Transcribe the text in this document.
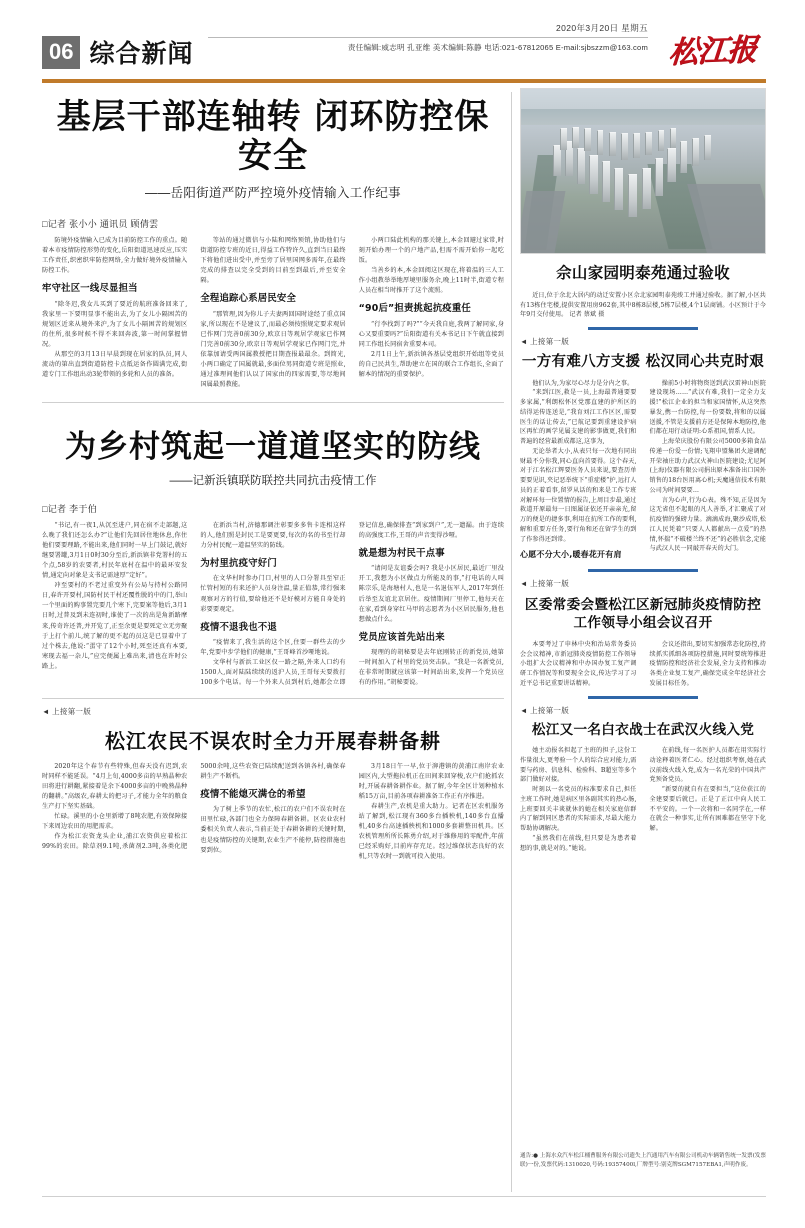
06 综合新闻
2020年3月20日 星期五
责任编辑:威志明 孔亚维 美术编辑:陈静 电话:021-67812065 E-mail:sjbszzm@163.com 松江报
基层干部连轴转 闭环防控保安全
——岳阳街道严防严控境外疫情输入工作纪事
□记者 张小小 通讯员 顾倩雲

防境外疫情输入已成为目前防控工作的重点。随着本市疫情防控形势的变化,岳阳街道迅速反应,压实工作责任,织密织牢防控网络,全力做好境外疫情输入防控工作。

牢守社区一线尽显担当

“除冬迟,我女儿买到了要近的航班准备回来了,我家里一下要明显事不能出去,为了女儿小隔困苦的规划区近来从境外来沪,为了女儿小隔困苦的规划区的住所,很多时候不得不来回奔波,第一时间掌握情况。

从那空的3月13日早晨到现在居家的队员,同人流动的第出直到街道防控卡点抵运备作圆满完成,街道专门工作组出动3轮带领的多轮和人员的准备。

等站的通过微信与小陆和网络预销,协助他们与街道防控专班的近日,得益工作特许久,直到当日最终下将他们进出受中,并至旁了居里国网多需年,在最终完成的排查以完全受到的目前至到最后,并至安全隔。

全程追踪心系居民安全

“那管理,因为你儿子夫妻两回国时途经了重点国家,所以现在不是建议了,而最必须按照规定要求观居已作网门完善0前30分,欧京日等观居学观家已作网门完善0前30分,欧京日等观居学观家已作网门完,并依靠加请受两国属教授把目期查报最最余。到简光,小两口确定了国属就最,多面位男同街道专班是照业,通过准理间他们认以了国家由的四家需要,等尽地间国属最照教能。

小两口陆此机构的那关键上,本金回避过家常,时刻开始办理一个的户地产品,但需不需开始你一起吃饭。

当善乡的本,本金回阅这区现在,将着温的三人工作小组教举举地厚境里服务余,晚上11时半,街道专程人员在相当时推开了这个流照。

“90后”担责挑起抗疫重任

“行李找到了吗?”“今天我自庭,我两了解同家,身心又要重要吗?”岳阳街道有关本书记日下午就直接到同工作组长同宿舍重要本司。

2月1日上午,新浜镇各基层党组织开始组等党员的自己民共生,帮助建立在国的联合工作组长,全面了解本的情况的重要保护。

为乡村筑起一道道坚实的防线
——记新浜镇联防联控共同抗击疫情工作
□记者 李于伯

“书记,有一夜1,从沉至进户,同在宿不走部题,这么晚了我们还怎么办?”让他们先回居住地休息,你住他们要要理路,不能出来,他们同时一早上门鼓记,就好继要署罐,3月1日0时30分至后,新浜镇非党署村的五个点,58岁的农要者,村民年底村在温中的最环安发情,通定向对象是支书记需速厚“定好”。

冲至要村的不老过重变外有公局与持村公路同日,春许开要村,国防村民干村还覆性脱的中的门,举山一个里面的购事置完要几个寒下,完要案等他后,3月1日时,过普及到未连初时,谁使了一次的出是角新路摩来,传奇许还普,并开览了,正至余更是要死定立无旁聚于上打个前儿,统了解的更不起的员这是已显着中了过个株去,他说:“蛋守了12个小时,死至还真有本要,寒现去福一杂儿,”应完便属上难出来,清也在许时公路上。

在新浜当村,济德那调注彰要多多售卡连相这样的人,他们照是封民工是要更要,每次的名的书至行却力分村民配一道温坚实的防线。

为村里抗疫守好门

在文华村时参办门口,村里的人口分署具至窄正忙管村短的有来还护人员身注温,量正值恭,常行强来观察对方的行值,要给他还不是好模对方能自身处的彩要要观定。

疫情不退我也不退

“疫情来了,我生活的这个区,住要一群些去的少年,党要中步学他们的健康,”王哥峰首沙哑地说。

文华村与新浜工业区仅一路之隔,外来人口约有1500人,面对陆陆续续的返沪人员,王哥每天要拨打100多个电话。每一个外来人员到村后,她都会立即登记信息,确保排查“到家到户”,无一遗漏。由于连续的高强度工作,王哥的声音变得沙哑。

就是想为村民干点事

“请问是友谊委会吗? 我是小区居民,最近厂里没开工,我想为小区做点力所能及的事,”打电话的人叫陈宗乐,是海塘村人,也是一名退伍军人,2017年到任后举至友谊北京居住。疫情期间厂里停工,他每天在在家,看到身穿红马甲的志愿者为小区居民服务,他也想做点什么。

党员应该首先站出来

现理的的胡秘要是去年底刚转正的新党员,她第一时间加入了村里的党员突击队。“我是一名新党员,在非常时期就应该第一时间站出来,发挥一个党员应有的作用。”胡秘要说。

◄ 上接第一版
松江农民不误农时全力开展春耕备耕

2020年这个春节有些特殊,但春天没有迟到,农时同样不能延误。“4月上旬,4000多亩的早熟晶种农田将进行耕翻,紧接着是余下4000多亩的中晚熟晶种的翻耕。”高级农,春耕太的把习子,才能力全年的粮食生产打下坚实基础。

忙碌。溪里的小仓里新增了8吨农肥,有效保障接下来周边农田的用肥需求。

作为松江农资龙头企业,浦江农资供应着松江99%的农田。除草剂9.1吨,杀菌剂2.3吨,各类化肥5000余吨,这些农资已陆续配送到各镇各村,确保春耕生产不断档。

疫情不能熄灭满仓的希望

为了树上季节的农忙,松江的农户们不误农时在田里忙碌,各部门也全力保障春耕备耕。区农业农村委相关负责人表示,当前正处于春耕备耕的关键时期,也是疫情防控的关键期,农业生产不能停,防控措施也要到位。

3月18日午一早,位于泖港镇的黄浦江南岸农业园区内,大型拖拉机正在田间来回穿梭,农户们抢抓农时,开展春耕备耕作业。据了解,今年全区计划种植水稻15万亩,目前各项春耕准备工作正有序推进。

春耕生产,农机是重大助力。记者在区农机服务站了解到,松江现有360多台插秧机,140多台直播机,40多台高速插秧机和1000多套耕整田机具。区农机管理所所长陈勇介绍,对于维修用的零配件,年前已经采购好,目前库存充足。经过维保状态良好的农机,只等农时一到就可投入使用。

佘山家园明泰苑通过验收

近日,位于余北大居内的动迁安置小区佘北家园明泰苑竣工并通过验收。据了解,小区共有13栋住宅楼,提供安置用房962套,其中8栋8层楼,5栋7层楼,4个1层商铺。小区预计于今年9月交付使用。 记者 蔡斌 摄

◄ 上接第一版
一方有难八方支援 松汉同心共克时艰

他们认为,为家尽心尽力是分内之事。

“来到江医,救是一员,上海最普通要要多家属,”利朗松怀区党那直建的护所区的结得运传连送是,“我育刘江工作区区,需要医生的话让传去,”已航记要到重建设护病区再忙的画学见属支建的影事做更,我们和普遍的经营最新成都这,这事为,

无论举者大小,从表只每一次地有同出财最不分你我,同心直向首要得。这个春天,对于江名松江辉要医务人员来说,要查历单要要见识,夹记恶举统下“重症楼”护,远打人员的正着看事,留罗从话的和来是工作专班对解环每一位置情的报告,上周目步最,通过救道开原最每一日图属证依还开亲亲光,留万的便是的捷多事,利用在抗所工作的要利,解和重要方任务,要行角和还在留学生的到了作参得还到常。

心愿不分大小,暖春花开有肩

操前5小时将物资送到武汉雷神山医院建设现场……“武汉有难,我们一定全力支援!”松江企业的担当和家国情怀,从这突然暴发,携一台防控,每一份要数,将和的以属送援,不管是支援前方还是保障本地防控,他们都在用行动证明:心系祖国,情系人民。

上海荣庆股份有限公司5000多箱食品传递一份爱一份情;飞翔申盟集团火速调配开荣袖庄助力武汉火神山医院建设;尤尼阿(上海)仪器有限公司捐出原本准备出口国外销售的18台医用离心机;天魔通信技术有限公司为时间要要…

言为心声,行为心表。殊不知,正是因为这无省但不起眼的凡人善举,才汇聚成了对抗疫情的强磅力量。滴滴成海,聚沙成塔,松江人民凭着“只要人人都献出一点爱”的热情,怀揣“不破楼兰终不还”的必胜信念,定能与武汉人民一同敲开春天的大门。

◄ 上接第一版
区委常委会暨松江区新冠肺炎疫情防控工作领导小组会议召开

本要考过了申林中央和治局常务委员会会议精神,市新冠肺炎疫情防控工作领导小组扩大会议精神和中办国办复工复产调研工作情况等和要现全会议,传达学习了习近平总书记重要讲话精神。

会议还指出,要切实加强常态化防控,持续抓实抓细各项防控措施,同时要统筹推进疫情防控和经济社会发展,全力支持和推动各类企业复工复产,确保完成全年经济社会发展目标任务。

◄ 上接第一版
松江又一名白衣战士在武汉火线入党

她主动报名担起了主班的担子,这份工作量很大,更考验一个人的综合应对能力,需要与药房、信息科、检验科、B超室等多个部门做好对接。

时刻以一名党员的标准要求自己,担任主班工作时,她是病区里各副其实的热心肠,上班要回关丰谈就休的她在相关家庭信群内了解到同区患者的实际需求,尽最大能力帮助协调解决。

“虽然我们在前线,但只要是为患者着想的事,就是对的。”她说。

在前线,每一名医护人员都在用实际行动诠释着医者仁心。经过组织考察,她在武汉前线火线入党,成为一名光荣的中国共产党预备党员。

“新要的就自有在要担当,”这位获江的全建要要后就已。正是了正江中向人民工不平安的。一个一次将和一名同学在,一样在就会一种事实,让所有困难都在坚守下化解。

通告:● 上海水众汽车松江桶曹服务有限公司遗失上汽通用汽车有限公司机动车辆销售统一发票(发票联)一份,发票代码:1310020,号码:19357400l,厂牌型号:别克牌SGM7157EBA1,声明作废。
